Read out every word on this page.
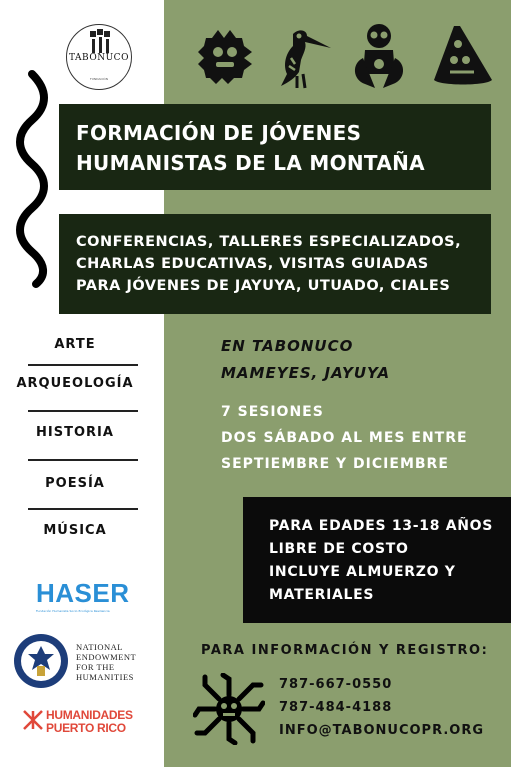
TABONUCO
FUNDACIÓN
FORMACIÓN DE JÓVENES
HUMANISTAS DE LA MONTAÑA
CONFERENCIAS, TALLERES ESPECIALIZADOS,
CHARLAS EDUCATIVAS, VISITAS GUIADAS
PARA JÓVENES DE JAYUYA, UTUADO, CIALES
ARTE
ARQUEOLOGÍA
HISTORIA
POESÍA
MÚSICA
EN TABONUCO
MAMEYES, JAYUYA
7 SESIONES
DOS SÁBADO AL MES ENTRE
SEPTIEMBRE Y DICIEMBRE
PARA EDADES 13-18 AÑOS
LIBRE DE COSTO
INCLUYE ALMUERZO Y
MATERIALES
PARA INFORMACIÓN Y REGISTRO:
787-667-0550
787-484-4188
INFO@TABONUCOPR.ORG
HASER
Fundación Humanista Socio Ecológica Resiliencia
NATIONAL
ENDOWMENT
FOR THE
HUMANITIES
HUMANIDADES
PUERTO RICO
